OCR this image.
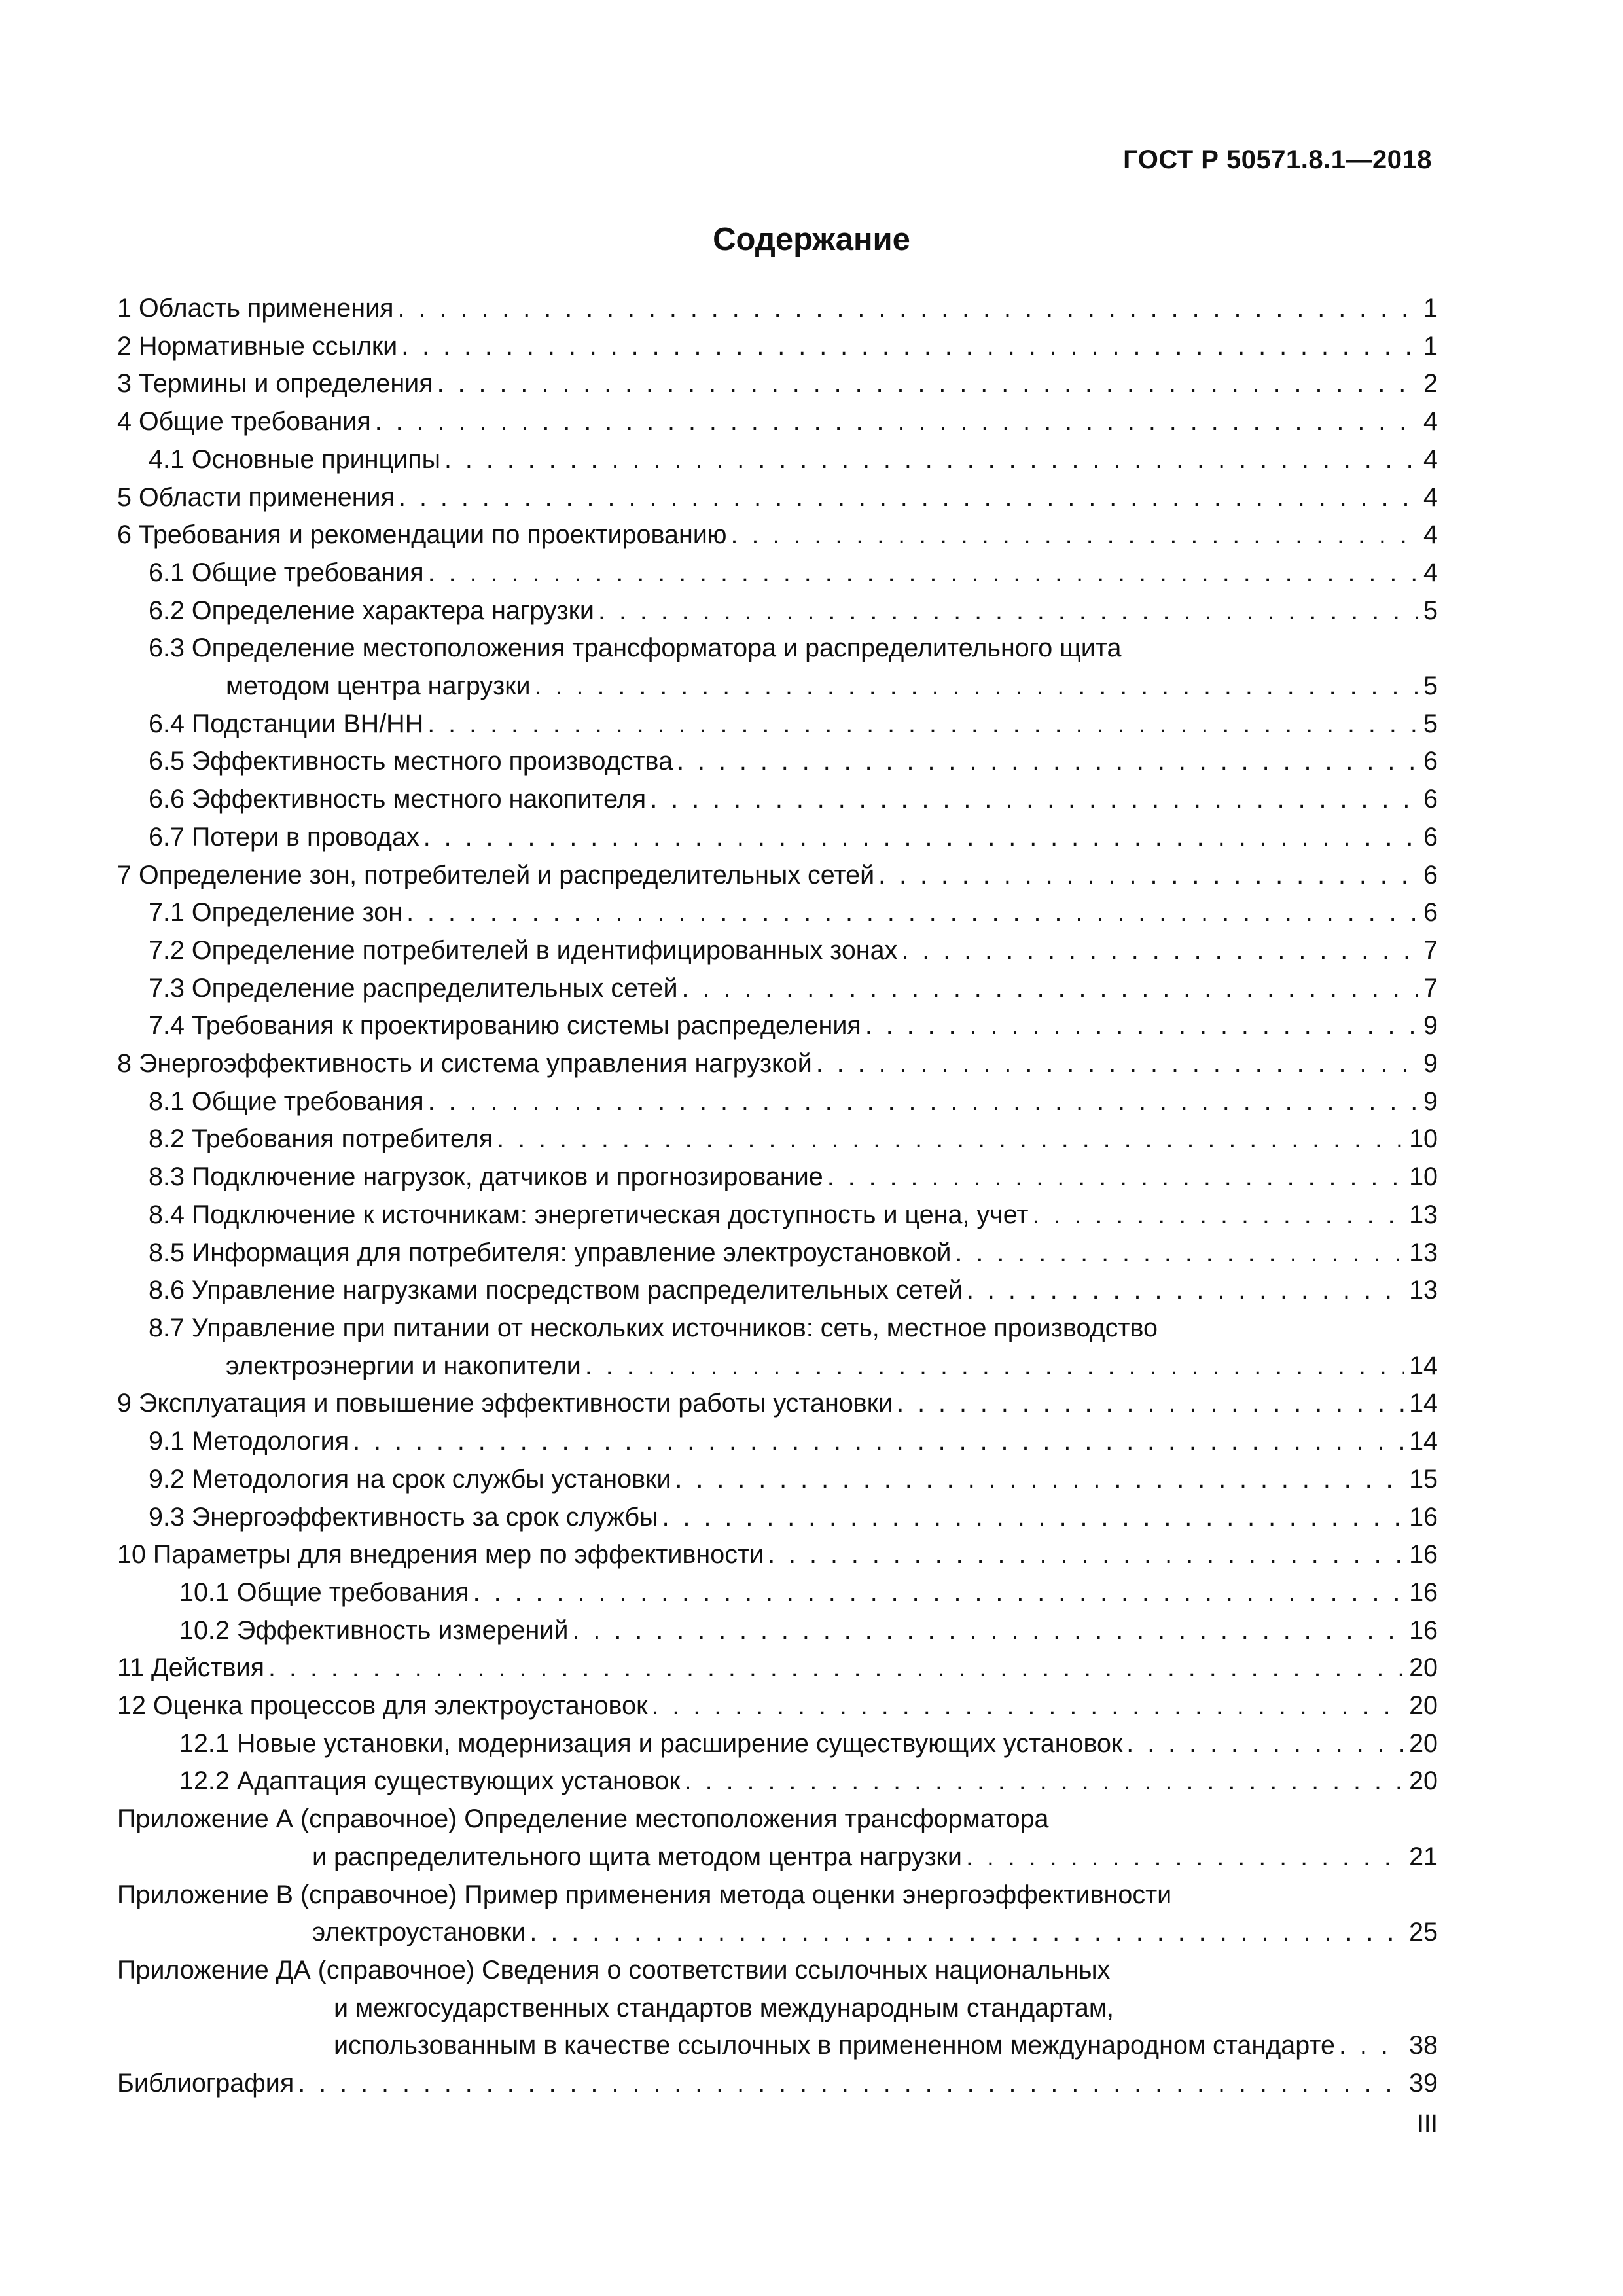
ГОСТ Р 50571.8.1—2018
Содержание
1 Область применения . . .	1
2 Нормативные ссылки . . .	1
3 Термины и определения . . .	2
4 Общие требования . . .	4
4.1 Основные принципы . . .	4
5 Области применения . . .	4
6 Требования и рекомендации по проектированию . . .	4
6.1 Общие требования . . .	4
6.2 Определение характера нагрузки . . .	5
6.3 Определение местоположения трансформатора и распределительного щита
методом центра нагрузки . . .	5
6.4 Подстанции ВН/НН . . .	5
6.5 Эффективность местного производства . . .	6
6.6 Эффективность местного накопителя . . .	6
6.7 Потери в проводах . . .	6
7 Определение зон, потребителей и распределительных сетей . . .	6
7.1 Определение зон . . .	6
7.2 Определение потребителей в идентифицированных зонах . . .	7
7.3 Определение распределительных сетей . . .	7
7.4 Требования к проектированию системы распределения . . .	9
8 Энергоэффективность и система управления нагрузкой . . .	9
8.1 Общие требования . . .	9
8.2 Требования потребителя . . .	10
8.3 Подключение нагрузок, датчиков и прогнозирование . . .	10
8.4 Подключение к источникам: энергетическая доступность и цена, учет . . .	13
8.5 Информация для потребителя: управление электроустановкой . . .	13
8.6 Управление нагрузками посредством распределительных сетей . . .	13
8.7 Управление при питании от нескольких источников: сеть, местное производство
электроэнергии и накопители . . .	14
9 Эксплуатация и повышение эффективности работы установки . . .	14
9.1 Методология . . .	14
9.2 Методология на срок службы установки . . .	15
9.3 Энергоэффективность за срок службы . . .	16
10 Параметры для внедрения мер по эффективности . . .	16
10.1 Общие требования . . .	16
10.2 Эффективность измерений . . .	16
11 Действия . . .	20
12 Оценка процессов для электроустановок . . .	20
12.1 Новые установки, модернизация и расширение существующих установок . . .	20
12.2 Адаптация существующих установок . . .	20
Приложение А (справочное) Определение местоположения трансформатора
и распределительного щита методом центра нагрузки . . .	21
Приложение В (справочное) Пример применения метода оценки энергоэффективности
электроустановки . . .	25
Приложение ДА (справочное) Сведения о соответствии ссылочных национальных
и межгосударственных стандартов международным стандартам,
использованным в качестве ссылочных в примененном международном стандарте . . .	38
Библиография . . .	39
III
